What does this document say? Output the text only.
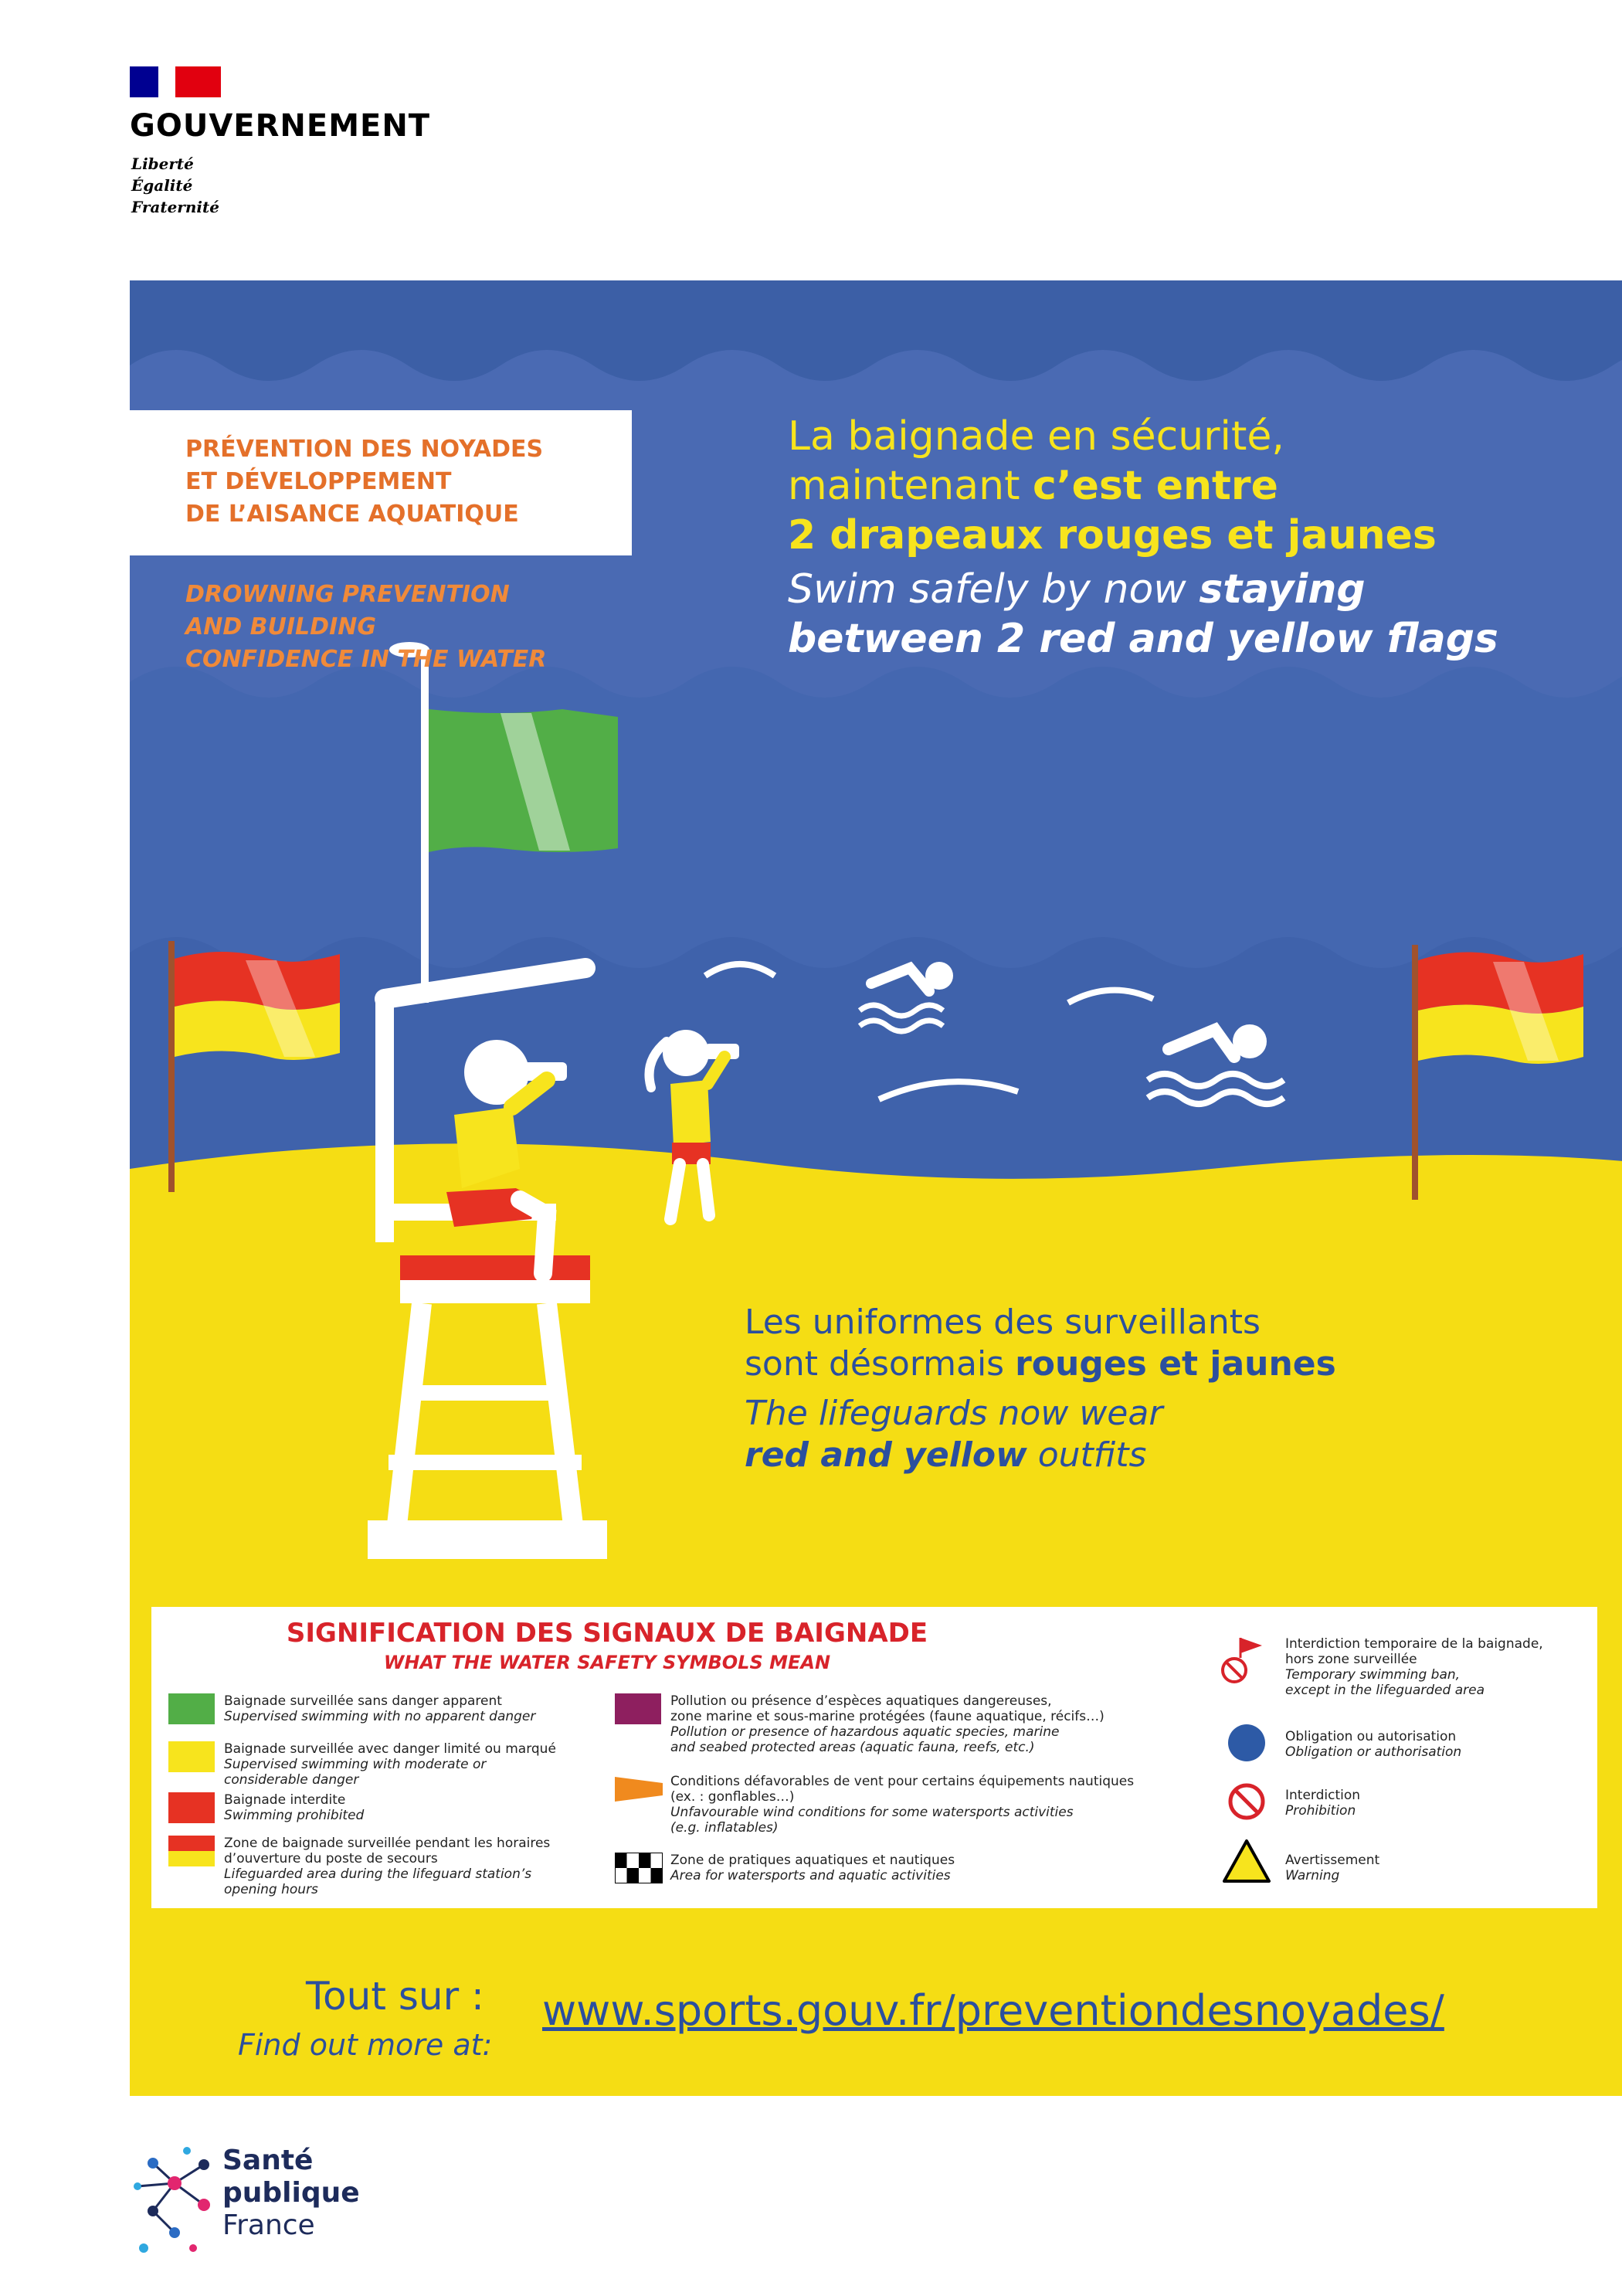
GOUVERNEMENT
Liberté
Égalité
Fraternité
PRÉVENTION DES NOYADES
ET DÉVELOPPEMENT
DE L’AISANCE AQUATIQUE
DROWNING PREVENTION
AND BUILDING
CONFIDENCE IN THE WATER
La baignade en sécurité,
maintenant c’est entre
2 drapeaux rouges et jaunes
Swim safely by now staying
between 2 red and yellow flags
Les uniformes des surveillants
sont désormais rouges et jaunes
The lifeguards now wear
red and yellow outfits
SIGNIFICATION DES SIGNAUX DE BAIGNADE
WHAT THE WATER SAFETY SYMBOLS MEAN
Baignade surveillée sans danger apparent
Supervised swimming with no apparent danger
Baignade surveillée avec danger limité ou marqué
Supervised swimming with moderate or
considerable danger
Baignade interdite
Swimming prohibited
Zone de baignade surveillée pendant les horaires
d’ouverture du poste de secours
Lifeguarded area during the lifeguard station’s
opening hours
Pollution ou présence d’espèces aquatiques dangereuses,
zone marine et sous-marine protégées (faune aquatique, récifs…)
Pollution or presence of hazardous aquatic species, marine
and seabed protected areas (aquatic fauna, reefs, etc.)
Conditions défavorables de vent pour certains équipements nautiques
(ex. : gonflables…)
Unfavourable wind conditions for some watersports activities
(e.g. inflatables)
Zone de pratiques aquatiques et nautiques
Area for watersports and aquatic activities
Interdiction temporaire de la baignade,
hors zone surveillée
Temporary swimming ban,
except in the lifeguarded area
Obligation ou autorisation
Obligation or authorisation
Interdiction
Prohibition
Avertissement
Warning
Tout sur :
Find out more at:
www.sports.gouv.fr/preventiondesnoyades/
Santé
publique
France
